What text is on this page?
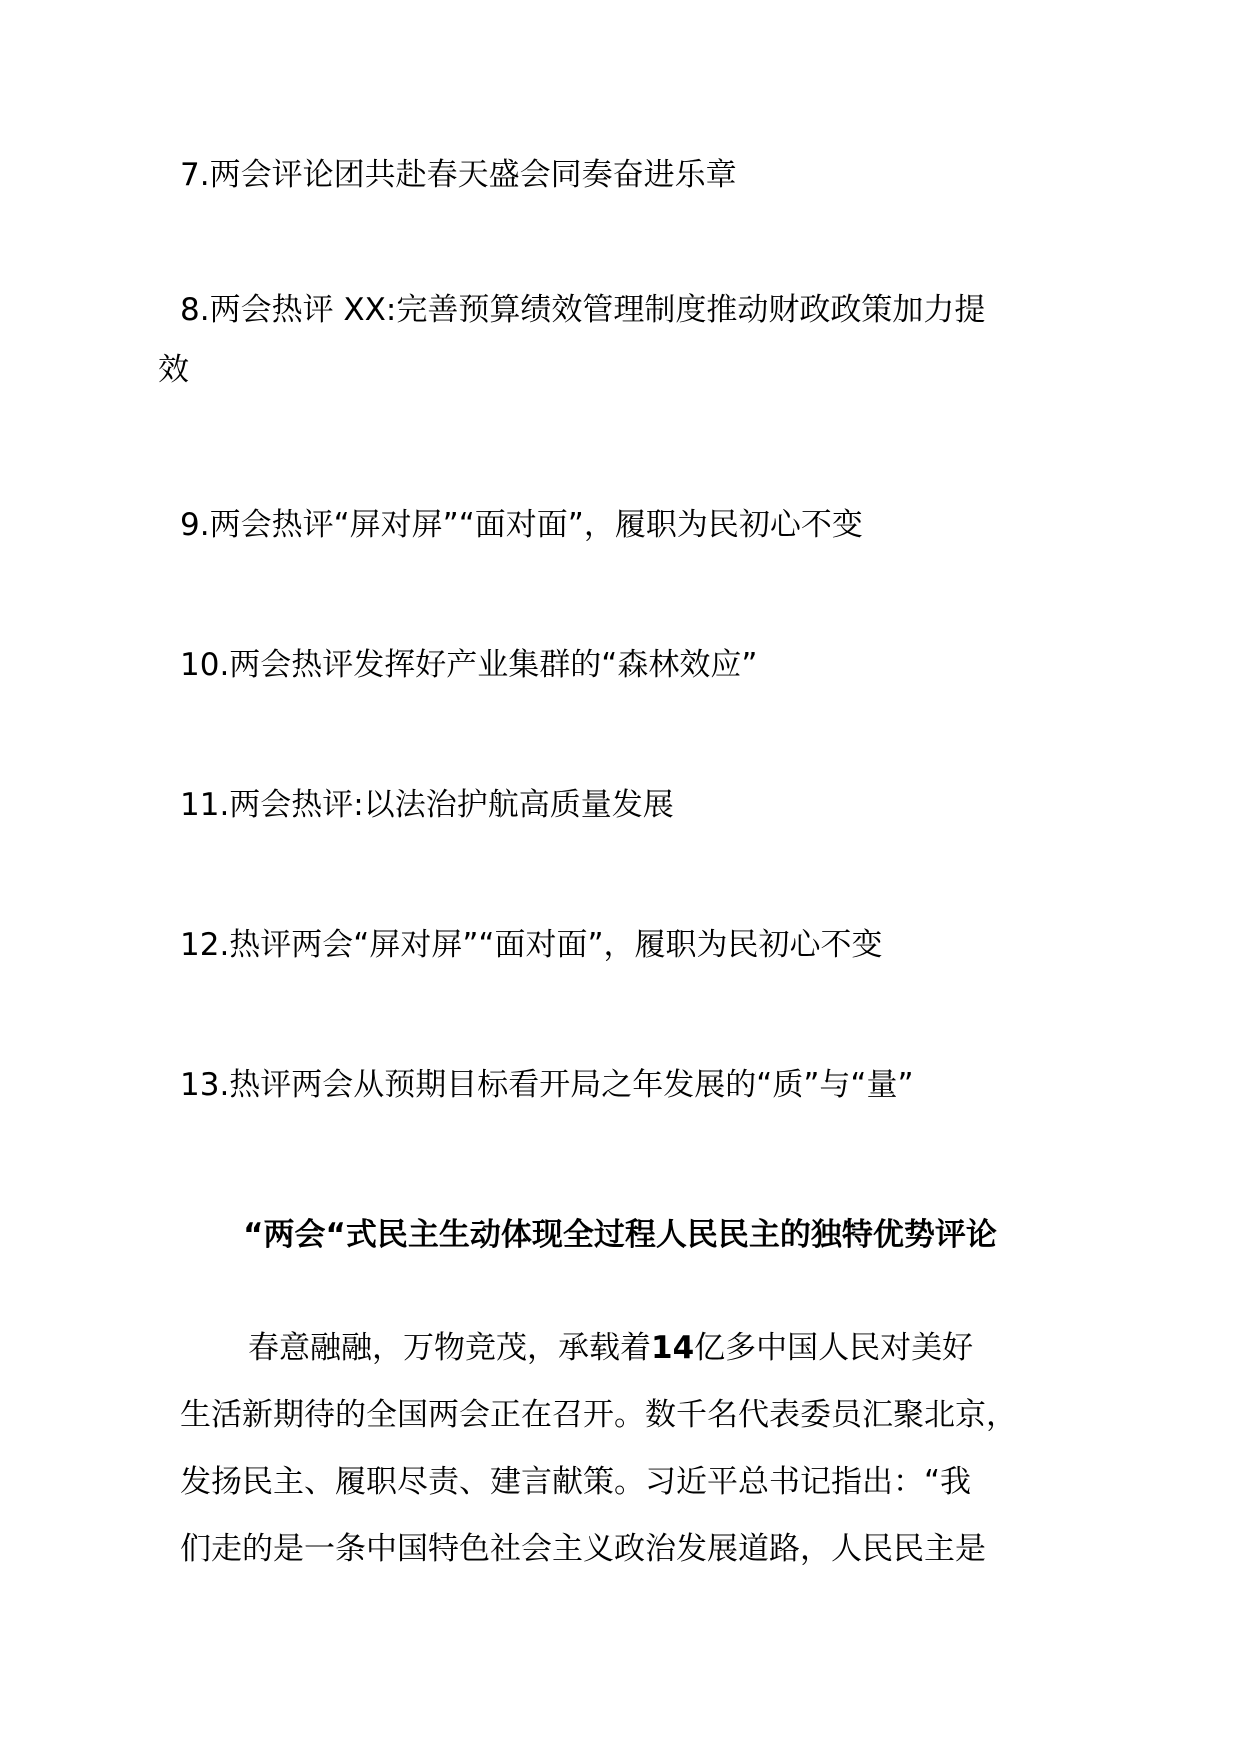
7.两会评论团共赴春天盛会同奏奋进乐章
8.两会热评 XX:完善预算绩效管理制度推动财政政策加力提
效
9.两会热评“屏对屏”“面对面”，履职为民初心不变
10.两会热评发挥好产业集群的“森林效应”
11.两会热评:以法治护航高质量发展
12.热评两会“屏对屏”“面对面”，履职为民初心不变
13.热评两会从预期目标看开局之年发展的“质”与“量”
“两会“式民主生动体现全过程人民民主的独特优势评论
春意融融，万物竞茂，承载着14亿多中国人民对美好
生活新期待的全国两会正在召开。数千名代表委员汇聚北京，
发扬民主、履职尽责、建言献策。习近平总书记指出：“我
们走的是一条中国特色社会主义政治发展道路，人民民主是
